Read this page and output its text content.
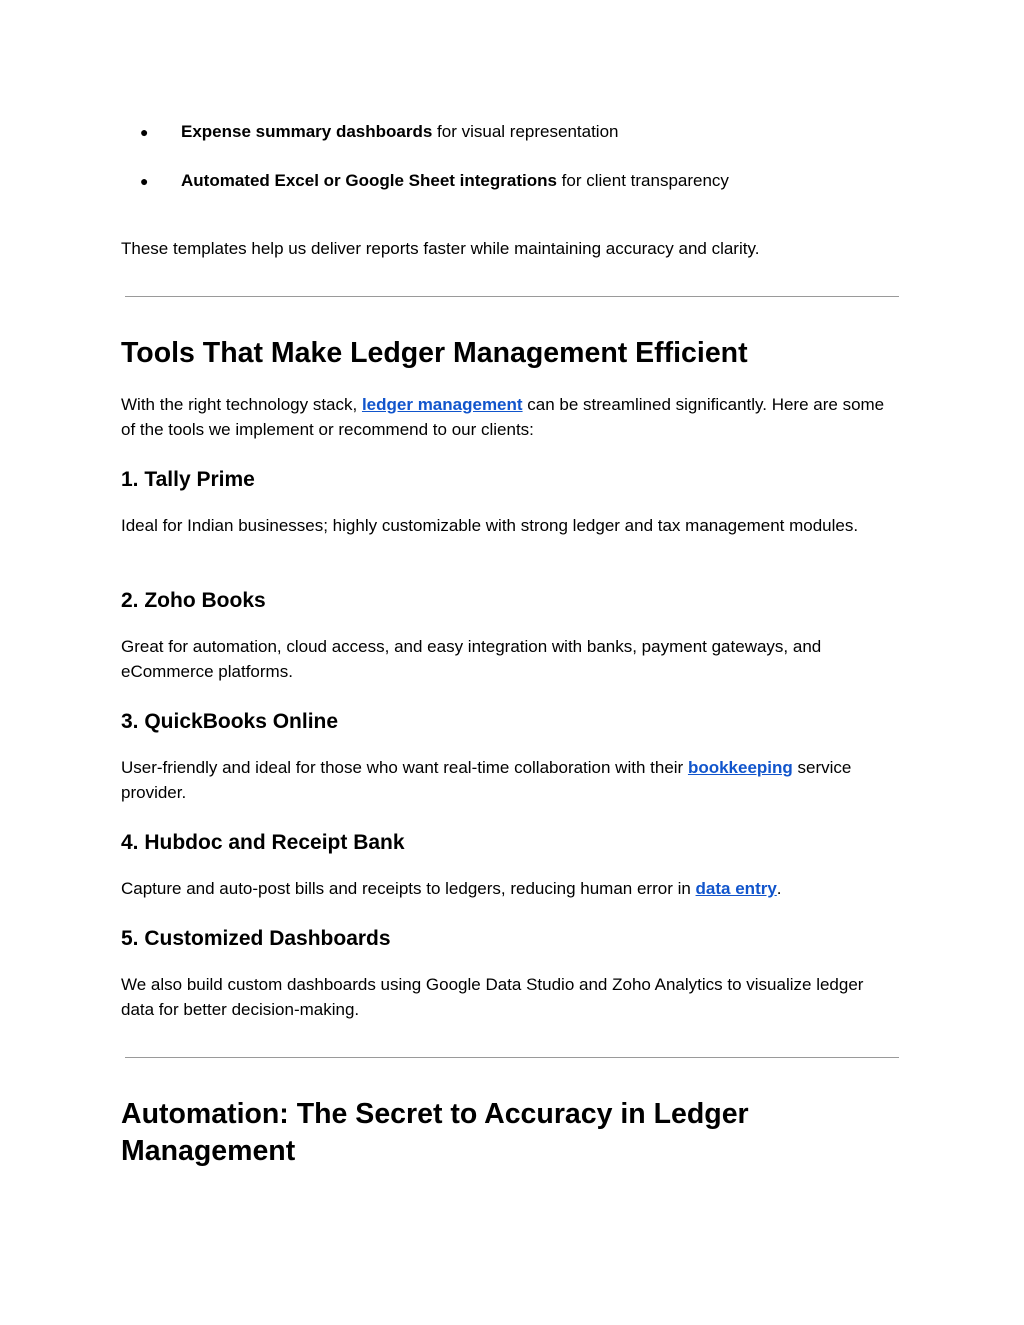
● Expense summary dashboards for visual representation
● Automated Excel or Google Sheet integrations for client transparency

These templates help us deliver reports faster while maintaining accuracy and clarity.

Tools That Make Ledger Management Efficient

With the right technology stack, ledger management can be streamlined significantly. Here are some of the tools we implement or recommend to our clients:

1. Tally Prime

Ideal for Indian businesses; highly customizable with strong ledger and tax management modules.

2. Zoho Books

Great for automation, cloud access, and easy integration with banks, payment gateways, and eCommerce platforms.

3. QuickBooks Online

User-friendly and ideal for those who want real-time collaboration with their bookkeeping service provider.

4. Hubdoc and Receipt Bank

Capture and auto-post bills and receipts to ledgers, reducing human error in data entry.

5. Customized Dashboards

We also build custom dashboards using Google Data Studio and Zoho Analytics to visualize ledger data for better decision-making.

Automation: The Secret to Accuracy in Ledger Management
